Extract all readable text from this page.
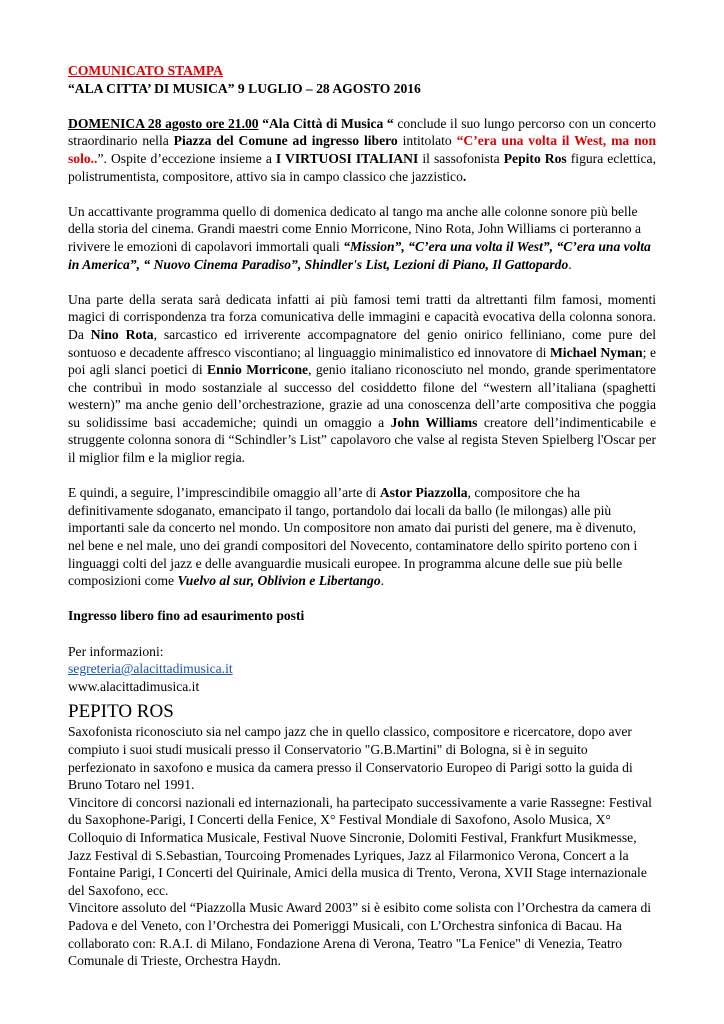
COMUNICATO STAMPA

“ALA CITTA’ DI MUSICA” 9 LUGLIO – 28 AGOSTO 2016

DOMENICA 28 agosto ore 21.00 “Ala Città di Musica “ conclude il suo lungo percorso con un concerto straordinario nella Piazza del Comune ad ingresso libero intitolato “C’era una volta il West, ma non solo..”. Ospite d’eccezione insieme a I VIRTUOSI ITALIANI il sassofonista Pepito Ros figura eclettica, polistrumentista, compositore, attivo sia in campo classico che jazzistico.

Un accattivante programma quello di domenica dedicato al tango ma anche alle colonne sonore più belle della storia del cinema. Grandi maestri come Ennio Morricone, Nino Rota, John Williams ci porteranno a rivivere le emozioni di capolavori immortali quali “Mission”, “C’era una volta il West”, “C’era una volta in America”, “ Nuovo Cinema Paradiso”, Shindler's List, Lezioni di Piano, Il Gattopardo.

Una parte della serata sarà dedicata infatti ai più famosi temi tratti da altrettanti film famosi, momenti magici di corrispondenza tra forza comunicativa delle immagini e capacità evocativa della colonna sonora. Da Nino Rota, sarcastico ed irriverente accompagnatore del genio onirico felliniano, come pure del sontuoso e decadente affresco viscontiano; al linguaggio minimalistico ed innovatore di Michael Nyman; e poi agli slanci poetici di Ennio Morricone, genio italiano riconosciuto nel mondo, grande sperimentatore che contribuì in modo sostanziale al successo del cosiddetto filone del “western all’italiana (spaghetti western)” ma anche genio dell’orchestrazione, grazie ad una conoscenza dell’arte compositiva che poggia su solidissime basi accademiche; quindi un omaggio a John Williams creatore dell’indimenticabile e struggente colonna sonora di “Schindler’s List” capolavoro che valse al regista Steven Spielberg l'Oscar per il miglior film e la miglior regia.

E quindi, a seguire, l’imprescindibile omaggio all’arte di Astor Piazzolla, compositore che ha definitivamente sdoganato, emancipato il tango, portandolo dai locali da ballo (le milongas) alle più importanti sale da concerto nel mondo. Un compositore non amato dai puristi del genere, ma è divenuto, nel bene e nel male, uno dei grandi compositori del Novecento, contaminatore dello spirito porteno con i linguaggi colti del jazz e delle avanguardie musicali europee. In programma alcune delle sue più belle composizioni come Vuelvo al sur, Oblivion e Libertango.

Ingresso libero fino ad esaurimento posti

Per informazioni:

segreteria@alacittadimusica.it

www.alacittadimusica.it

PEPITO ROS

Saxofonista riconosciuto sia nel campo jazz che in quello classico, compositore e ricercatore, dopo aver compiuto i suoi studi musicali presso il Conservatorio "G.B.Martini" di Bologna, si è in seguito perfezionato in saxofono e musica da camera presso il Conservatorio Europeo di Parigi sotto la guida di Bruno Totaro nel 1991.

Vincitore di concorsi nazionali ed internazionali, ha partecipato successivamente a varie Rassegne: Festival du Saxophone-Parigi, I Concerti della Fenice, X° Festival Mondiale di Saxofono, Asolo Musica, X° Colloquio di Informatica Musicale, Festival Nuove Sincronie, Dolomiti Festival, Frankfurt Musikmesse, Jazz Festival di S.Sebastian, Tourcoing Promenades Lyriques, Jazz al Filarmonico Verona, Concert a la Fontaine Parigi, I Concerti del Quirinale, Amici della musica di Trento, Verona, XVII Stage internazionale del Saxofono, ecc.

Vincitore assoluto del “Piazzolla Music Award 2003” si è esibito come solista con l’Orchestra da camera di Padova e del Veneto, con l’Orchestra dei Pomeriggi Musicali, con L’Orchestra sinfonica di Bacau. Ha collaborato con: R.A.I. di Milano, Fondazione Arena di Verona, Teatro "La Fenice" di Venezia, Teatro Comunale di Trieste, Orchestra Haydn.
